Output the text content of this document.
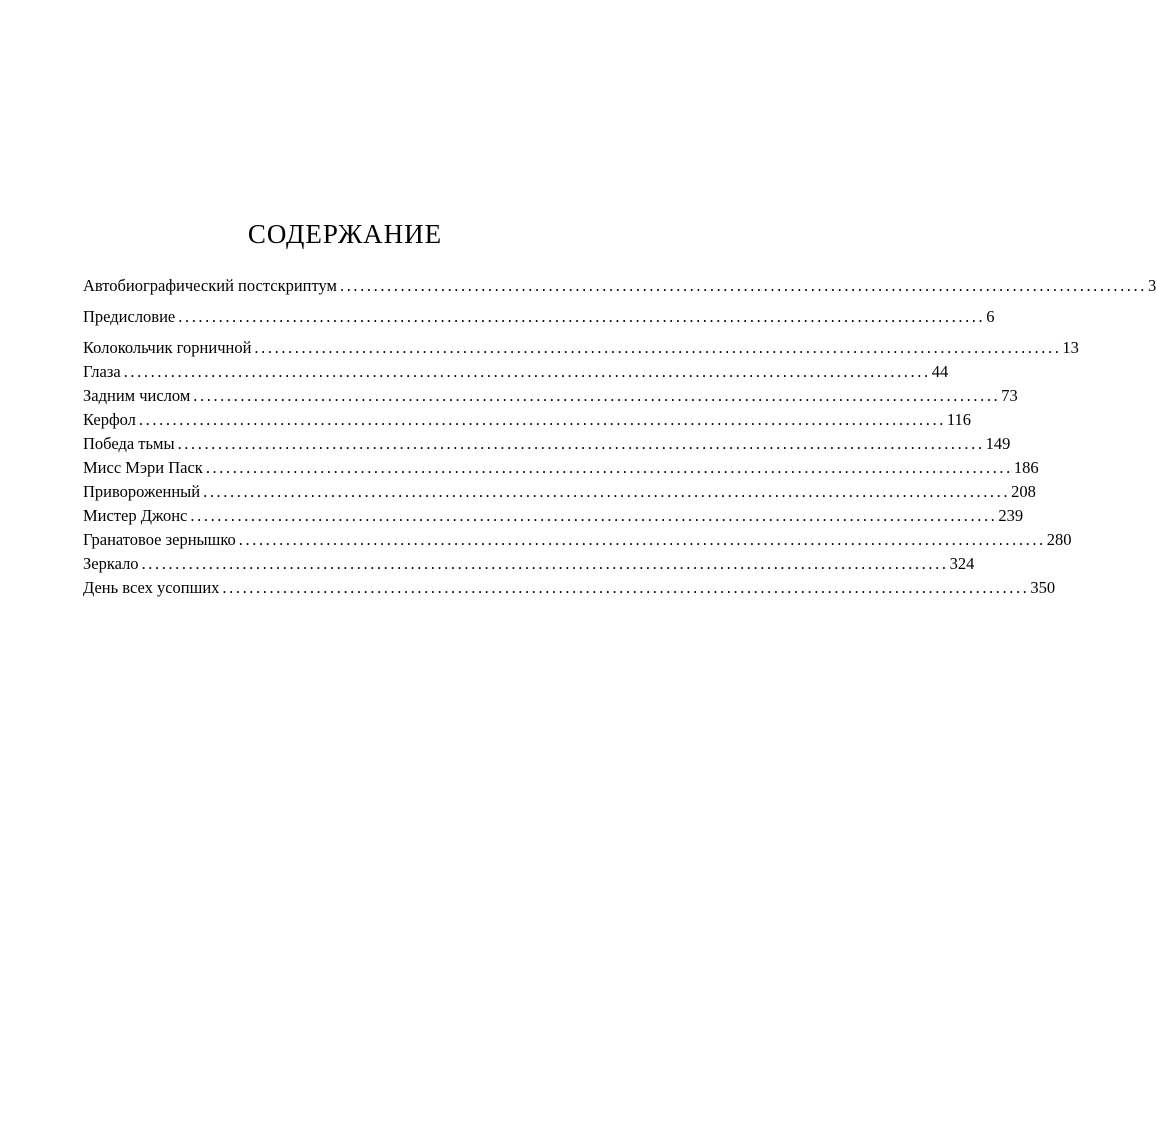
СОДЕРЖАНИЕ
Автобиографический постскриптум ........................................................................................................................ 3
Предисловие ........................................................................................................................ 6
Колокольчик горничной ........................................................................................................................ 13
Глаза ........................................................................................................................ 44
Задним числом ........................................................................................................................ 73
Керфол ........................................................................................................................ 116
Победа тьмы ........................................................................................................................ 149
Мисс Мэри Паск ........................................................................................................................ 186
Привороженный ........................................................................................................................ 208
Мистер Джонс ........................................................................................................................ 239
Гранатовое зернышко ........................................................................................................................ 280
Зеркало ........................................................................................................................ 324
День всех усопших ........................................................................................................................ 350
